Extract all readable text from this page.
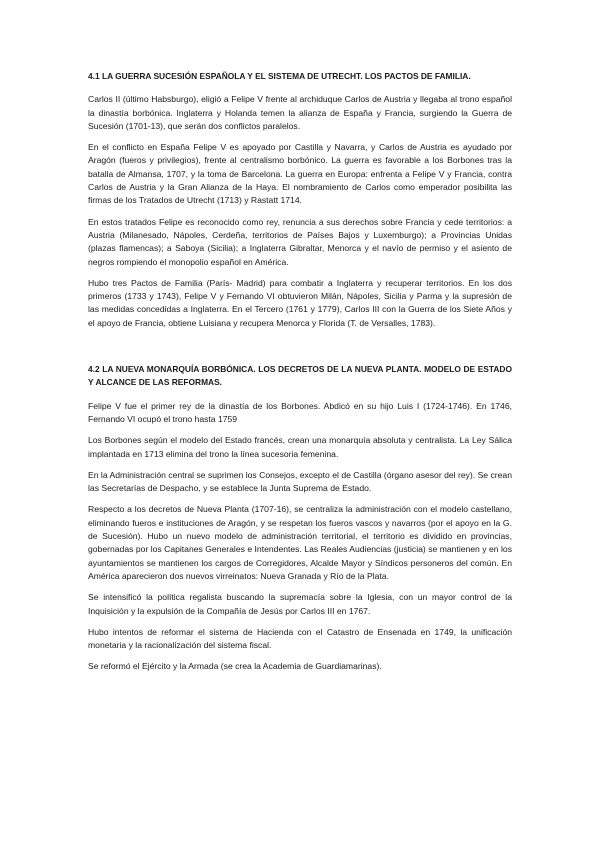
4.1 LA GUERRA SUCESIÓN ESPAÑOLA Y EL SISTEMA DE UTRECHT. LOS PACTOS DE FAMILIA.

Carlos II (último Habsburgo), eligió a Felipe V frente al archiduque Carlos de Austria y llegaba al trono español la dinastía borbónica. Inglaterra y Holanda temen la alianza de España y Francia, surgiendo la Guerra de Sucesión (1701-13), que serán dos conflictos paralelos.

En el conflicto en España Felipe V es apoyado por Castilla y Navarra, y Carlos de Austria es ayudado por Aragón (fueros y privilegios), frente al centralismo borbónico. La guerra es favorable a los Borbones tras la batalla de Almansa, 1707, y la toma de Barcelona. La guerra en Europa: enfrenta a Felipe V y Francia, contra Carlos de Austria y la Gran Alianza de la Haya. El nombramiento de Carlos como emperador posibilita las firmas de los Tratados de Utrecht (1713) y Rastatt 1714.

En estos tratados Felipe es reconocido como rey, renuncia a sus derechos sobre Francia y cede territorios: a Austria (Milanesado, Nápoles, Cerdeña, territorios de Países Bajos y Luxemburgo); a Provincias Unidas (plazas flamencas); a Saboya (Sicilia); a Inglaterra Gibraltar, Menorca y el navío de permiso y el asiento de negros rompiendo el monopolio español en América.

Hubo tres Pactos de Familia (París- Madrid) para combatir a Inglaterra y recuperar territorios. En los dos primeros (1733 y 1743), Felipe V y Fernando VI obtuvieron Milán, Nápoles, Sicilia y Parma y la supresión de las medidas concedidas a Inglaterra. En el Tercero (1761 y 1779), Carlos III con la Guerra de los Siete Años y el apoyo de Francia, obtiene Luisiana y recupera Menorca y Florida (T. de Versalles, 1783).

4.2 LA NUEVA MONARQUÍA BORBÓNICA. LOS DECRETOS DE LA NUEVA PLANTA. MODELO DE ESTADO Y ALCANCE DE LAS REFORMAS.

Felipe V fue el primer rey de la dinastía de los Borbones. Abdicó en su hijo Luis I (1724-1746). En 1746, Fernando VI ocupó el trono hasta 1759

Los Borbones según el modelo del Estado francés, crean una monarquía absoluta y centralista. La Ley Sálica implantada en 1713 elimina del trono la línea sucesoria femenina.

En la Administración central se suprimen los Consejos, excepto el de Castilla (órgano asesor del rey). Se crean las Secretarías de Despacho, y se establece la Junta Suprema de Estado.

Respecto a los decretos de Nueva Planta (1707-16), se centraliza la administración con el modelo castellano, eliminando fueros e instituciones de Aragón, y se respetan los fueros vascos y navarros (por el apoyo en la G. de Sucesión). Hubo un nuevo modelo de administración territorial, el territorio es dividido en provincias, gobernadas por los Capitanes Generales e Intendentes. Las Reales Audiencias (justicia) se mantienen y en los ayuntamientos se mantienen los cargos de Corregidores, Alcalde Mayor y Síndicos personeros del común. En América aparecieron dos nuevos virreinatos: Nueva Granada y Río de la Plata.

Se intensificó la política regalista buscando la supremacía sobre la Iglesia, con un mayor control de la Inquisición y la expulsión de la Compañía de Jesús por Carlos III en 1767.

Hubo intentos de reformar el sistema de Hacienda con el Catastro de Ensenada en 1749, la unificación monetaria y la racionalización del sistema fiscal.

Se reformó el Ejército y la Armada (se crea la Academia de Guardiamarinas).
